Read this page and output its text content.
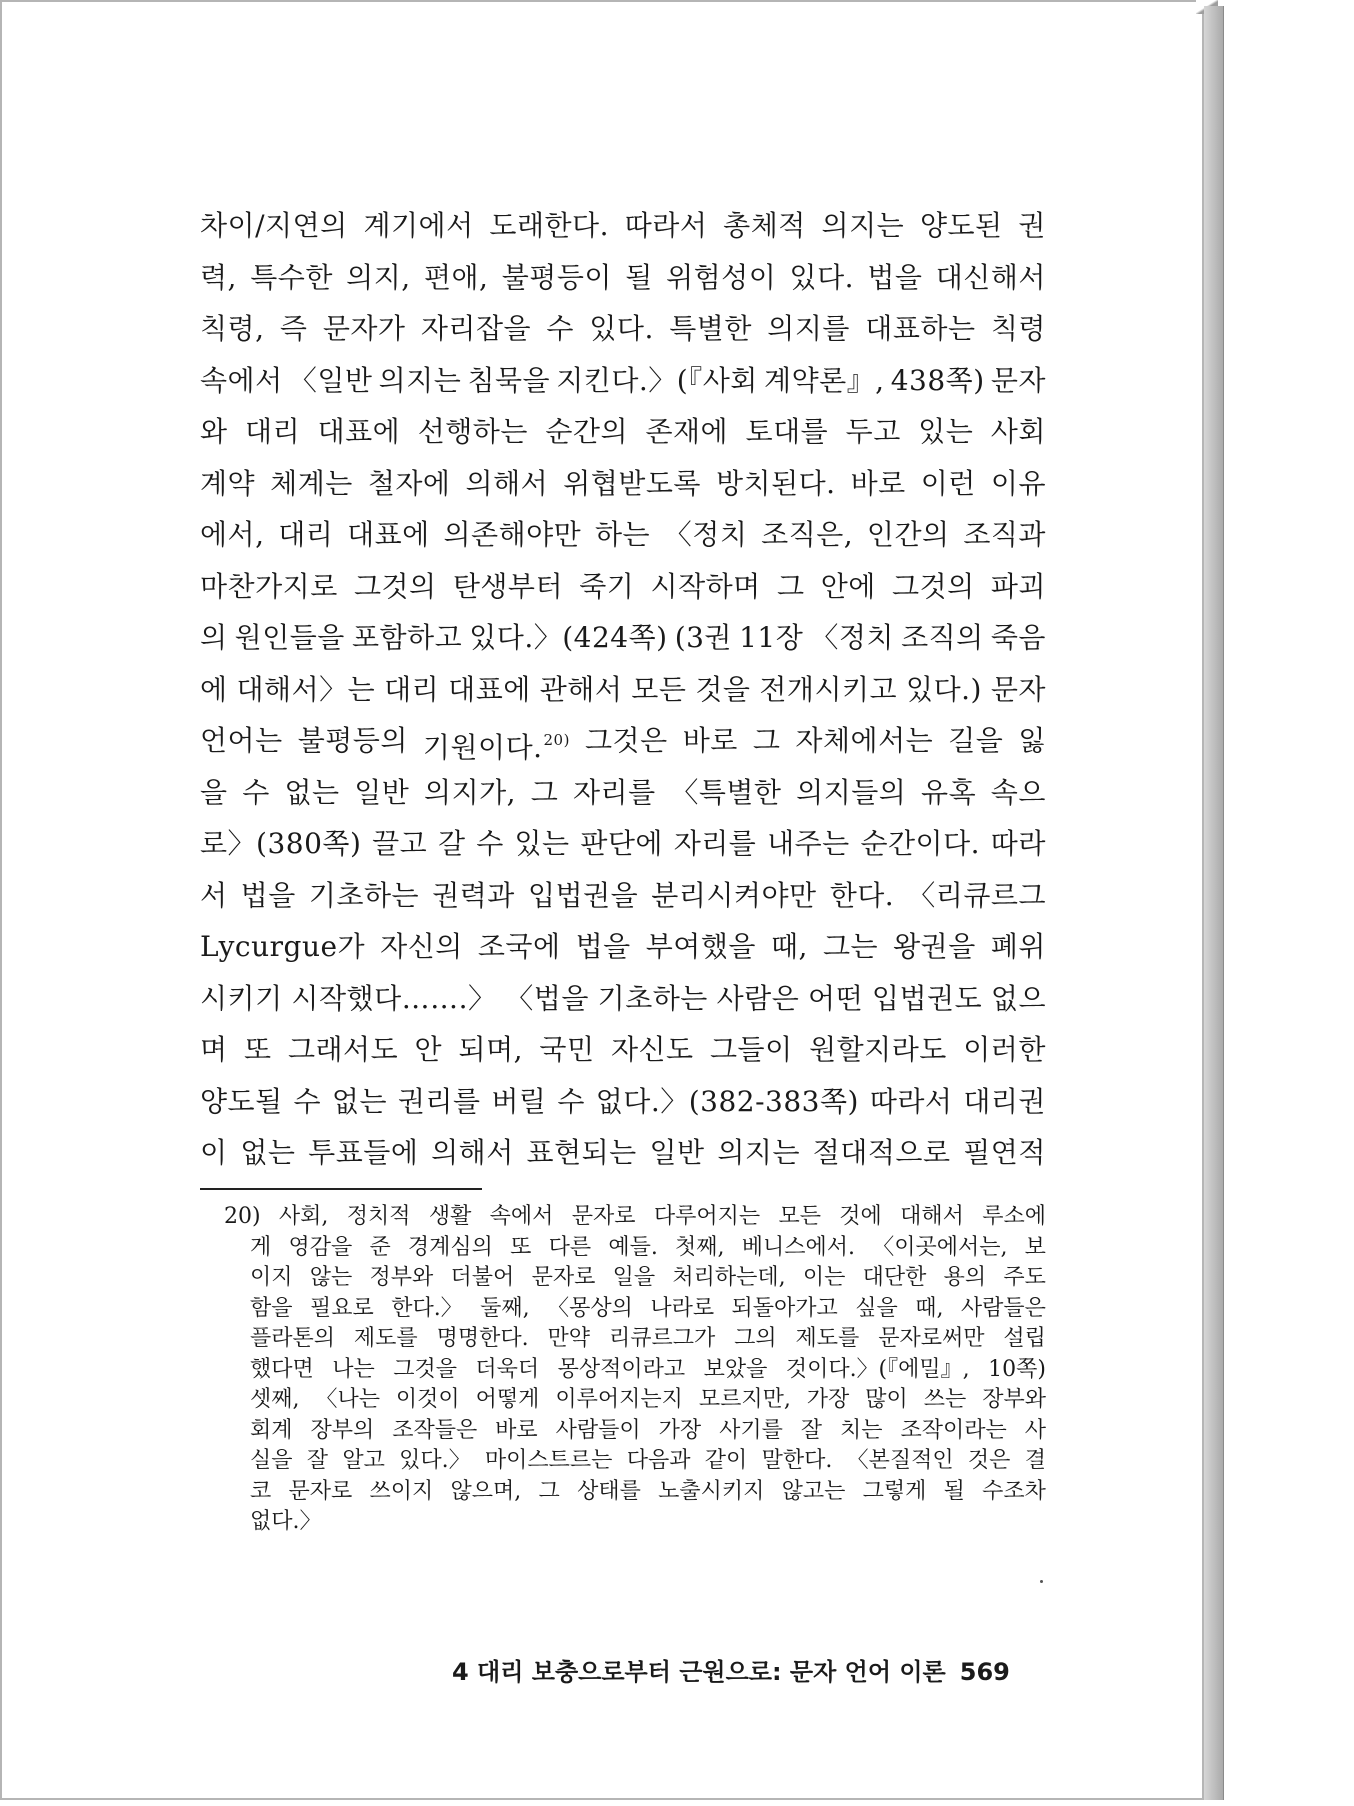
차이/지연의 계기에서 도래한다. 따라서 총체적 의지는 양도된 권
력, 특수한 의지, 편애, 불평등이 될 위험성이 있다. 법을 대신해서
칙령, 즉 문자가 자리잡을 수 있다. 특별한 의지를 대표하는 칙령
속에서 〈일반 의지는 침묵을 지킨다.〉(『사회 계약론』, 438쪽) 문자
와 대리 대표에 선행하는 순간의 존재에 토대를 두고 있는 사회
계약 체계는 철자에 의해서 위협받도록 방치된다. 바로 이런 이유
에서, 대리 대표에 의존해야만 하는 〈정치 조직은, 인간의 조직과
마찬가지로 그것의 탄생부터 죽기 시작하며 그 안에 그것의 파괴
의 원인들을 포함하고 있다.〉(424쪽) (3권 11장 〈정치 조직의 죽음
에 대해서〉는 대리 대표에 관해서 모든 것을 전개시키고 있다.) 문자
언어는 불평등의 기원이다.$^{20)}$ 그것은 바로 그 자체에서는 길을 잃
을 수 없는 일반 의지가, 그 자리를 〈특별한 의지들의 유혹 속으
로〉(380쪽) 끌고 갈 수 있는 판단에 자리를 내주는 순간이다. 따라
서 법을 기초하는 권력과 입법권을 분리시켜야만 한다. 〈리큐르그
Lycurgue가 자신의 조국에 법을 부여했을 때, 그는 왕권을 폐위
시키기 시작했다…….〉 〈법을 기초하는 사람은 어떤 입법권도 없으
며 또 그래서도 안 되며, 국민 자신도 그들이 원할지라도 이러한
양도될 수 없는 권리를 버릴 수 없다.〉(382-383쪽) 따라서 대리권
이 없는 투표들에 의해서 표현되는 일반 의지는 절대적으로 필연적
20) 사회, 정치적 생활 속에서 문자로 다루어지는 모든 것에 대해서 루소에
게 영감을 준 경계심의 또 다른 예들. 첫째, 베니스에서. 〈이곳에서는, 보
이지 않는 정부와 더불어 문자로 일을 처리하는데, 이는 대단한 용의 주도
함을 필요로 한다.〉 둘째, 〈몽상의 나라로 되돌아가고 싶을 때, 사람들은
플라톤의 제도를 명명한다. 만약 리큐르그가 그의 제도를 문자로써만 설립
했다면 나는 그것을 더욱더 몽상적이라고 보았을 것이다.〉(『에밀』, 10쪽)
셋째, 〈나는 이것이 어떻게 이루어지는지 모르지만, 가장 많이 쓰는 장부와
회계 장부의 조작들은 바로 사람들이 가장 사기를 잘 치는 조작이라는 사
실을 잘 알고 있다.〉 마이스트르는 다음과 같이 말한다. 〈본질적인 것은 결
코 문자로 쓰이지 않으며, 그 상태를 노출시키지 않고는 그렇게 될 수조차
없다.〉
4 대리 보충으로부터 근원으로: 문자 언어 이론 569
